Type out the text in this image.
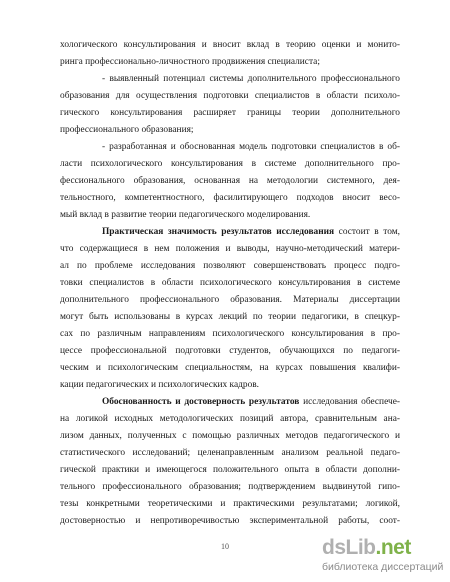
хологического консультирования и вносит вклад в теорию оценки и монито-
ринга профессионально-личностного продвижения специалиста;
- выявленный потенциал системы дополнительного профессионального
образования для осуществления подготовки специалистов в области психоло-
гического консультирования расширяет границы теории дополнительного
профессионального образования;
- разработанная и обоснованная модель подготовки специалистов в об-
ласти психологического консультирования в системе дополнительного про-
фессионального образования, основанная на методологии системного, дея-
тельностного, компетентностного, фасилитирующего подходов вносит весо-
мый вклад в развитие теории педагогического моделирования.
Практическая значимость результатов исследования состоит в том,
что содержащиеся в нем положения и выводы, научно-методический матери-
ал по проблеме исследования позволяют совершенствовать процесс подго-
товки специалистов в области психологического консультирования в системе
дополнительного профессионального образования. Материалы диссертации
могут быть использованы в курсах лекций по теории педагогики, в спецкур-
сах по различным направлениям психологического консультирования в про-
цессе профессиональной подготовки студентов, обучающихся по педагоги-
ческим и психологическим специальностям, на курсах повышения квалифи-
кации педагогических и психологических кадров.
Обоснованность и достоверность результатов исследования обеспече-
на логикой исходных методологических позиций автора, сравнительным ана-
лизом данных, полученных с помощью различных методов педагогического и
статистического исследований; целенаправленным анализом реальной педаго-
гической практики и имеющегося положительного опыта в области дополни-
тельного профессионального образования; подтверждением выдвинутой гипо-
тезы конкретными теоретическими и практическими результатами; логикой,
достоверностью и непротиворечивостью экспериментальной работы, соот-
10	dsLib.net
библиотека диссертаций
